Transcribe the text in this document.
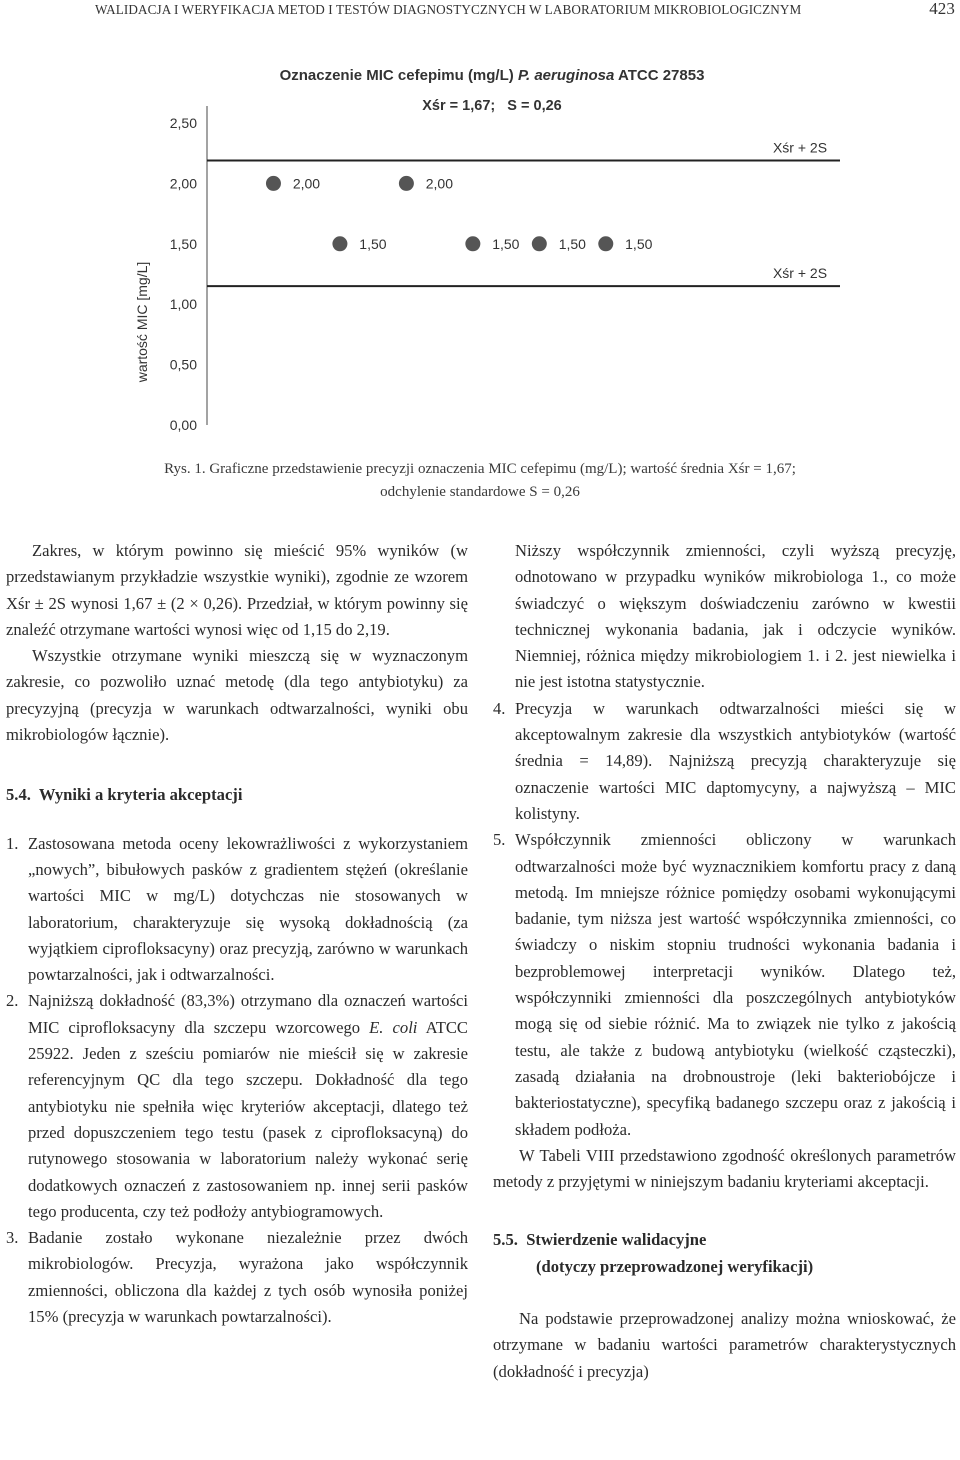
WALIDACJA I WERYFIKACJA METOD I TESTÓW DIAGNOSTYCZNYCH W LABORATORIUM MIKROBIOLOGICZNYM	423
Oznaczenie MIC cefepimu (mg/L) P. aeruginosa ATCC 27853
Xśr = 1,67;   S = 0,26
wartość MIC [mg/L]
2,50
2,00
1,50
1,00
0,50
0,00
Xśr + 2S
Xśr + 2S
2,00
1,50
2,00
1,50	1,50	1,50
Rys. 1. Graficzne przedstawienie precyzji oznaczenia MIC cefepimu (mg/L); wartość średnia Xśr = 1,67;
odchylenie standardowe S = 0,26

Zakres, w którym powinno się mieścić 95% wyników (w przedstawianym przykładzie wszystkie wyniki), zgodnie ze wzorem Xśr ± 2S wynosi 1,67 ± (2 × 0,26). Przedział, w którym powinny się znaleźć otrzymane wartości wynosi więc od 1,15 do 2,19.

Wszystkie otrzymane wyniki mieszczą się w wyznaczonym zakresie, co pozwoliło uznać metodę (dla tego antybiotyku) za precyzyjną (precyzja w warunkach odtwarzalności, wyniki obu mikrobiologów łącznie).

5.4.  Wyniki a kryteria akceptacji

1. Zastosowana metoda oceny lekowrażliwości z wykorzystaniem „nowych”, bibułowych pasków z gradientem stężeń (określanie wartości MIC w mg/L) dotychczas nie stosowanych w laboratorium, charakteryzuje się wysoką dokładnością (za wyjątkiem ciprofloksacyny) oraz precyzją, zarówno w warunkach powtarzalności, jak i odtwarzalności.
2. Najniższą dokładność (83,3%) otrzymano dla oznaczeń wartości MIC ciprofloksacyny dla szczepu wzorcowego E. coli ATCC 25922. Jeden z sześciu pomiarów nie mieścił się w zakresie referencyjnym QC dla tego szczepu. Dokładność dla tego antybiotyku nie spełniła więc kryteriów akceptacji, dlatego też przed dopuszczeniem tego testu (pasek z ciprofloksacyną) do rutynowego stosowania w laboratorium należy wykonać serię dodatkowych oznaczeń z zastosowaniem np. innej serii pasków tego producenta, czy też podłoży antybiogramowych.
3. Badanie zostało wykonane niezależnie przez dwóch mikrobiologów. Precyzja, wyrażona jako współczynnik zmienności, obliczona dla każdej z tych osób wynosiła poniżej 15% (precyzja w warunkach powtarzalności).

Niższy współczynnik zmienności, czyli wyższą precyzję, odnotowano w przypadku wyników mikrobiologa 1., co może świadczyć o większym doświadczeniu zarówno w kwestii technicznej wykonania badania, jak i odczycie wyników. Niemniej, różnica między mikrobiologiem 1. i 2. jest niewielka i nie jest istotna statystycznie.

4. Precyzja w warunkach odtwarzalności mieści się w akceptowalnym zakresie dla wszystkich antybiotyków (wartość średnia = 14,89). Najniższą precyzją charakteryzuje się oznaczenie wartości MIC daptomycyny, a najwyższą – MIC kolistyny.
5. Współczynnik zmienności obliczony w warunkach odtwarzalności może być wyznacznikiem komfortu pracy z daną metodą. Im mniejsze różnice pomiędzy osobami wykonującymi badanie, tym niższa jest wartość współczynnika zmienności, co świadczy o niskim stopniu trudności wykonania badania i bezproblemowej interpretacji wyników. Dlatego też, współczynniki zmienności dla poszczególnych antybiotyków mogą się od siebie różnić. Ma to związek nie tylko z jakością testu, ale także z budową antybiotyku (wielkość cząsteczki), zasadą działania na drobnoustroje (leki bakteriobójcze i bakteriostatyczne), specyfiką badanego szczepu oraz z jakością i składem podłoża.

W Tabeli VIII przedstawiono zgodność określonych parametrów metody z przyjętymi w niniejszym badaniu kryteriami akceptacji.

5.5.  Stwierdzenie walidacyjne

(dotyczy przeprowadzonej weryfikacji)

Na podstawie przeprowadzonej analizy można wnioskować, że otrzymane w badaniu wartości parametrów charakterystycznych (dokładność i precyzja)
